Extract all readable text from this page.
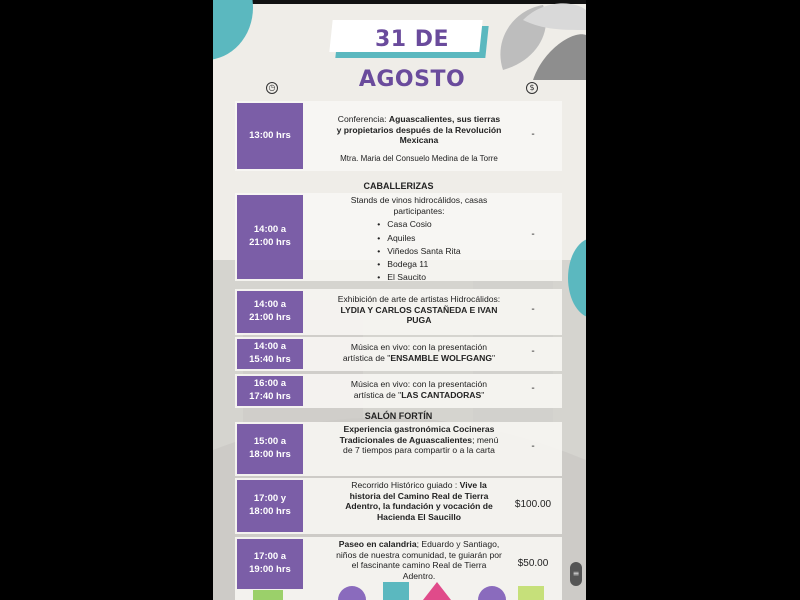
31 DE AGOSTO
◷	$
13:00 hrs
Conferencia: Aguascalientes, sus tierras y propietarios después de la Revolución Mexicana
Mtra. Maria del Consuelo Medina de la Torre
-
CABALLERIZAS
14:00 a
21:00 hrs
Stands de vinos hidrocálidos, casas participantes:
• Casa Cosio
• Aquiles
• Viñedos Santa Rita
• Bodega 11
• El Saucito
-
14:00 a
21:00 hrs
Exhibición de arte de artistas Hidrocálidos: LYDIA Y CARLOS CASTAÑEDA E IVAN PUGA
-
14:00 a
15:40 hrs
Música en vivo: con la presentación artística de "ENSAMBLE WOLFGANG"
-
16:00 a
17:40 hrs
Música en vivo: con la presentación artística de "LAS CANTADORAS"
-
SALÓN FORTÍN
15:00 a
18:00 hrs
Experiencia gastronómica Cocineras Tradicionales de Aguascalientes; menú de 7 tiempos para compartir o a la carta	-
17:00 y
18:00 hrs
Recorrido Histórico guiado : Vive la historia del Camino Real de Tierra Adentro, la fundación y vocación de Hacienda El Saucillo
$100.00
17:00 a
19:00 hrs
Paseo en calandria; Eduardo y Santiago, niños de nuestra comunidad, te guiarán por el fascinante camino Real de Tierra Adentro.
$50.00
≡
